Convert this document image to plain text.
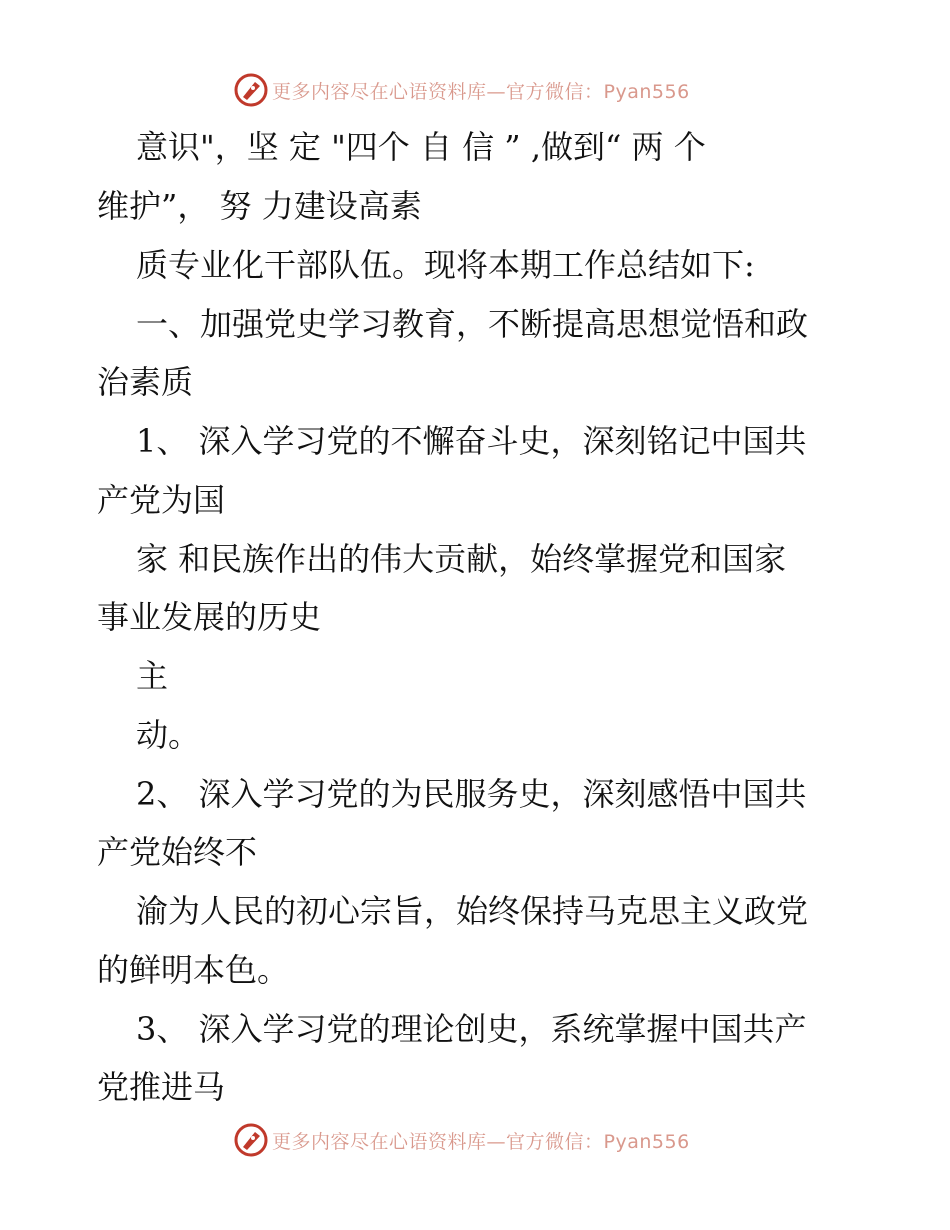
更多内容尽在心语资料库—官方微信：Pyan556
意识"，坚 定 "四个 自 信 ” ,做到“ 两 个
维护”， 努 力建设高素
质专业化干部队伍。现将本期工作总结如下:
一、加强党史学习教育，不断提高思想觉悟和政
治素质
1、 深入学习党的不懈奋斗史，深刻铭记中国共
产党为国
家 和民族作出的伟大贡献，始终掌握党和国家
事业发展的历史
主
动。
2、 深入学习党的为民服务史，深刻感悟中国共
产党始终不
渝为人民的初心宗旨，始终保持马克思主义政党
的鲜明本色。
3、 深入学习党的理论创史，系统掌握中国共产
党推进马
更多内容尽在心语资料库—官方微信：Pyan556
